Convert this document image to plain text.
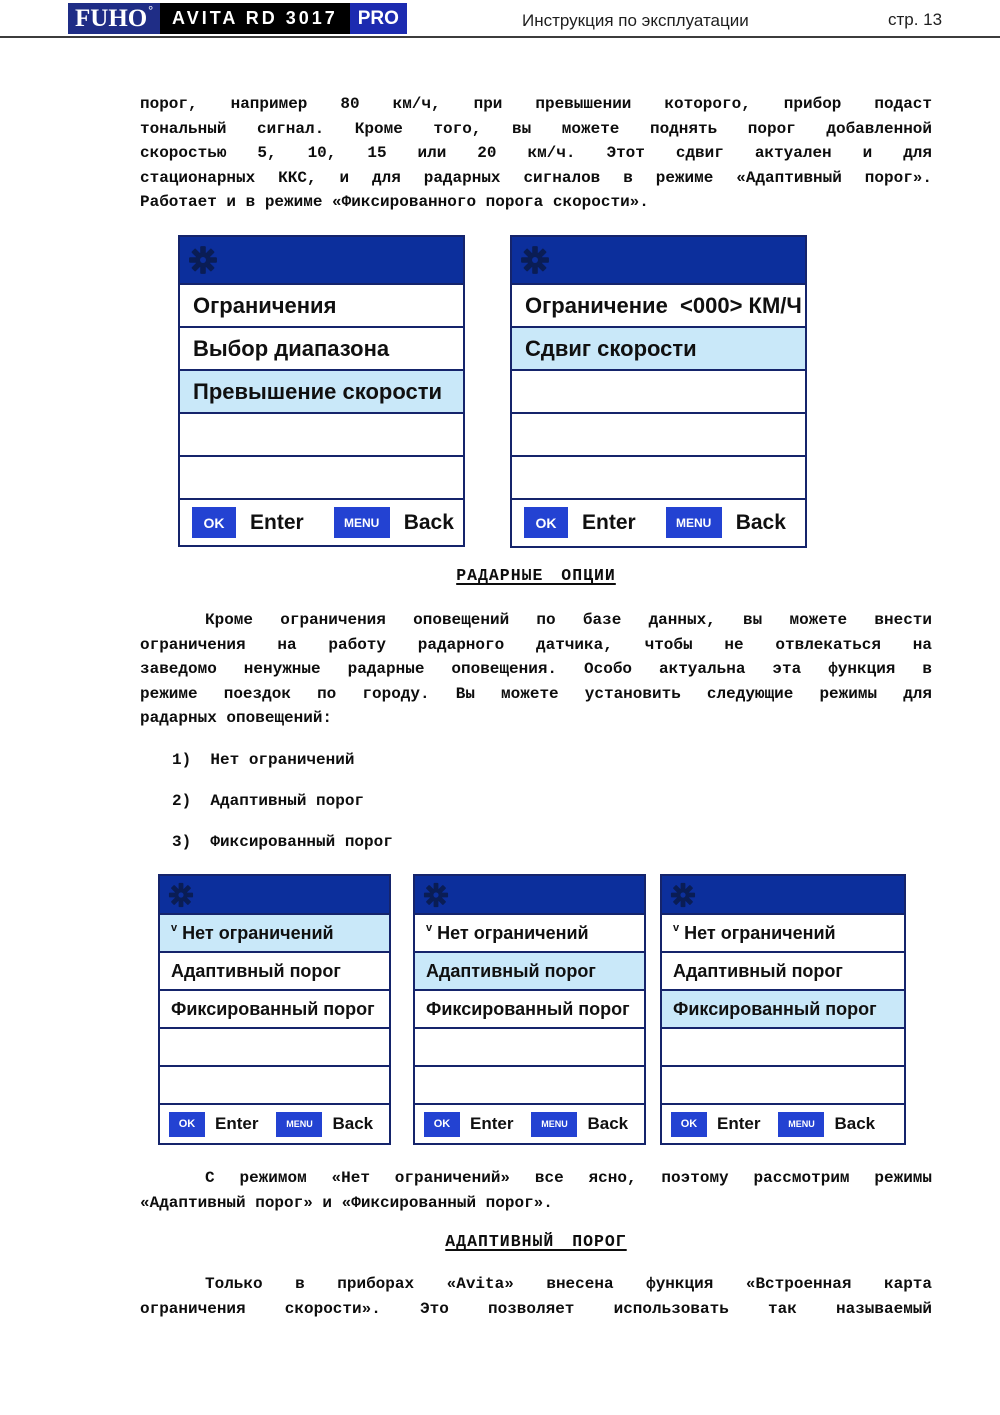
FUHO °	AVITA RD 3017	PRO	Инструкция по эксплуатации	стр. 13
порог, например 80 км/ч, при превышении которого, прибор подаст
тональный сигнал. Кроме того, вы можете поднять порог добавленной
скоростью 5, 10, 15 или 20 км/ч. Этот сдвиг актуален и для
стационарных ККС, и для радарных сигналов в режиме «Адаптивный порог».
Работает и в режиме «Фиксированного порога скорости».
Ограничения
Выбор диапазона
Превышение скорости
OK	Enter	MENU	Back
Ограничение  <000> КМ/Ч
Сдвиг скорости
OK	Enter	MENU	Back
РАДАРНЫЕ ОПЦИИ
Кроме ограничения оповещений по базе данных, вы можете внести
ограничения на работу радарного датчика, чтобы не отвлекаться на
заведомо ненужные радарные оповещения. Особо актуальна эта функция в
режиме поездок по городу. Вы можете установить следующие режимы для
радарных оповещений:
1)  Нет ограничений
2)  Адаптивный порог
3)  Фиксированный порог
v Нет ограничений
Адаптивный порог
Фиксированный порог
OK	Enter	MENU	Back
v Нет ограничений
Адаптивный порог
Фиксированный порог
OK	Enter	MENU	Back
v Нет ограничений
Адаптивный порог
Фиксированный порог
OK	Enter	MENU	Back
С режимом «Нет ограничений» все ясно, поэтому рассмотрим режимы
«Адаптивный порог» и «Фиксированный порог».
АДАПТИВНЫЙ ПОРОГ
Только в приборах «Avita» внесена функция «Встроенная карта
ограничения скорости». Это позволяет использовать так называемый
